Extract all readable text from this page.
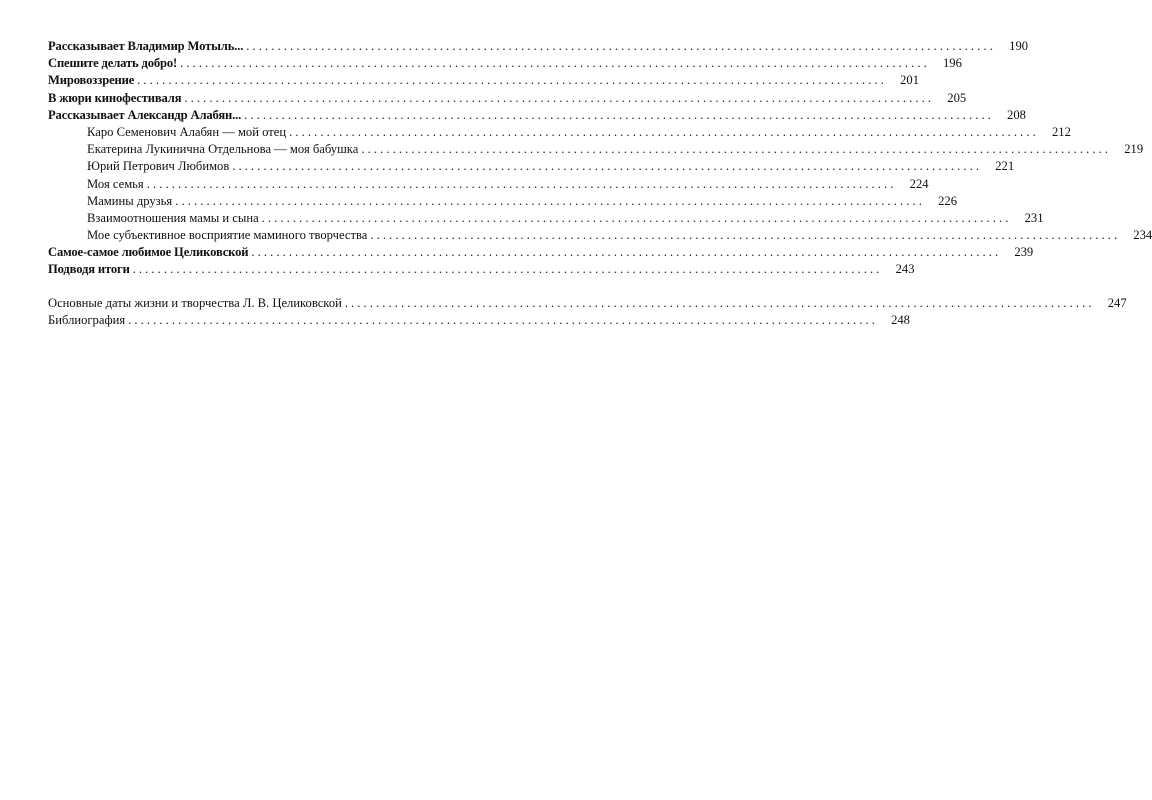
Рассказывает Владимир Мотыль... ........................................................................................................................	190
Спешите делать добро! ........................................................................................................................	196
Мировоззрение ........................................................................................................................	201
В жюри кинофестиваля ........................................................................................................................	205
Рассказывает Александр Алабян... ........................................................................................................................	208
Каро Семенович Алабян — мой отец ........................................................................................................................	212
Екатерина Лукинична Отдельнова — моя бабушка ........................................................................................................................	219
Юрий Петрович Любимов ........................................................................................................................	221
Моя семья ........................................................................................................................	224
Мамины друзья ........................................................................................................................	226
Взаимоотношения мамы и сына ........................................................................................................................	231
Мое субъективное восприятие маминого творчества ........................................................................................................................	234
Самое-самое любимое Целиковской ........................................................................................................................	239
Подводя итоги ........................................................................................................................	243
Основные даты жизни и творчества Л. В. Целиковской ........................................................................................................................	247
Библиография ........................................................................................................................	248
